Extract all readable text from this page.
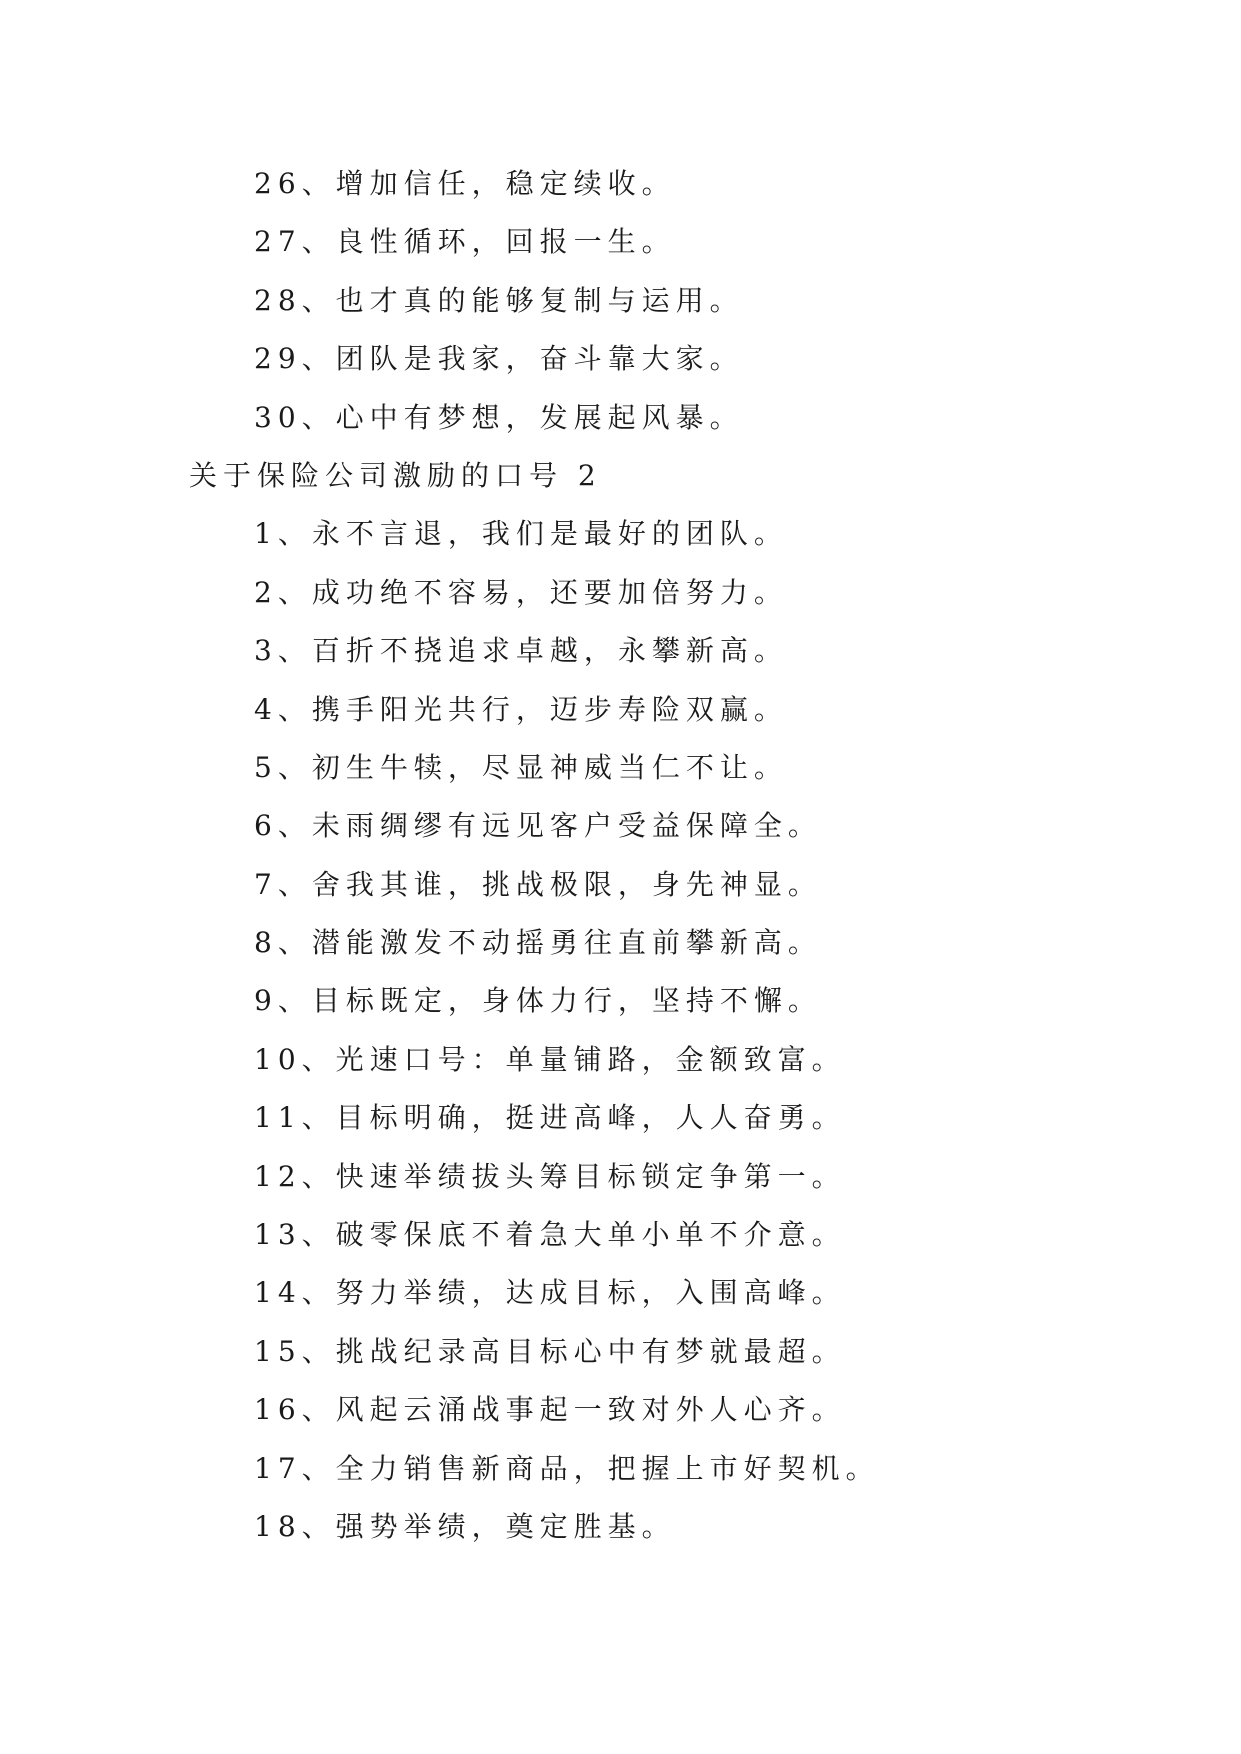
26、增加信任，稳定续收。
27、良性循环，回报一生。
28、也才真的能够复制与运用。
29、团队是我家，奋斗靠大家。
30、心中有梦想，发展起风暴。
关于保险公司激励的口号 2
1、永不言退，我们是最好的团队。
2、成功绝不容易，还要加倍努力。
3、百折不挠追求卓越，永攀新高。
4、携手阳光共行，迈步寿险双赢。
5、初生牛犊，尽显神威当仁不让。
6、未雨绸缪有远见客户受益保障全。
7、舍我其谁，挑战极限，身先神显。
8、潜能激发不动摇勇往直前攀新高。
9、目标既定，身体力行，坚持不懈。
10、光速口号：单量铺路，金额致富。
11、目标明确，挺进高峰，人人奋勇。
12、快速举绩拔头筹目标锁定争第一。
13、破零保底不着急大单小单不介意。
14、努力举绩，达成目标，入围高峰。
15、挑战纪录高目标心中有梦就最超。
16、风起云涌战事起一致对外人心齐。
17、全力销售新商品，把握上市好契机。
18、强势举绩，奠定胜基。
